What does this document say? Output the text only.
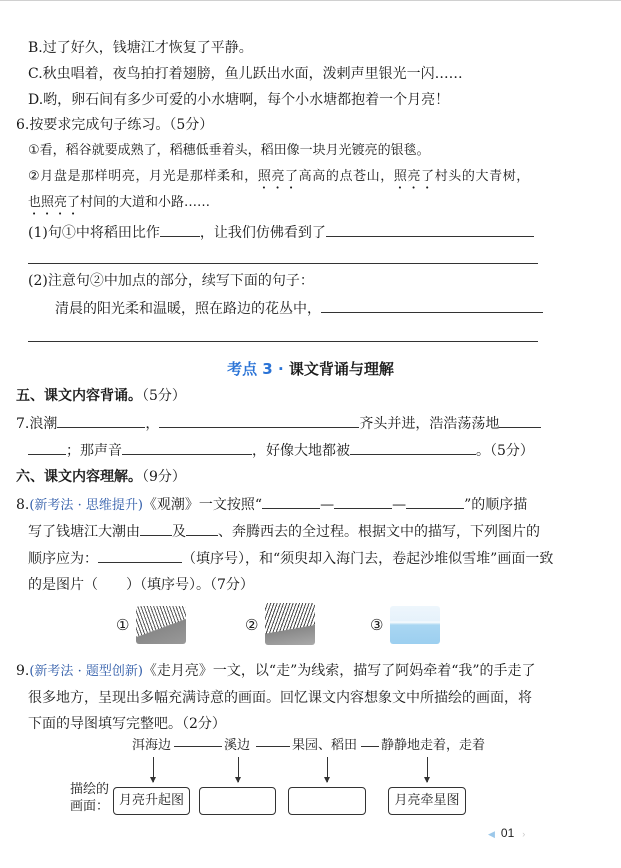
B.过了好久，钱塘江才恢复了平静。
C.秋虫唱着，夜鸟拍打着翅膀，鱼儿跃出水面，泼剌声里银光一闪……
D.哟，卵石间有多少可爱的小水塘啊，每个小水塘都抱着一个月亮！
6.按要求完成句子练习。（5分）
①看，稻谷就要成熟了，稻穗低垂着头，稻田像一块月光镀亮的银毯。
②月盘是那样明亮，月光是那样柔和，照亮了高高的点苍山，照亮了村头的大青树，
也照亮了村间的大道和小路……
(1)句①中将稻田比作	，让我们仿佛看到了
(2)注意句②中加点的部分，续写下面的句子：
清晨的阳光柔和温暖，照在路边的花丛中，
考点 3 · 课文背诵与理解
五、课文内容背诵。（5分）
7.浪潮	，	齐头并进，浩浩荡荡地
；那声音	，好像大地都被	。（5分）
六、课文内容理解。（9分）
8.(新考法 · 思维提升)《观潮》一文按照“	—	—	”的顺序描
写了钱塘江大潮由 及 、奔腾西去的全过程。根据文中的描写，下列图片的
顺序应为：	（填序号），和“须臾却入海门去，卷起沙堆似雪堆”画面一致
的是图片（　　）（填序号）。（7分）
①	②	③
9.(新考法 · 题型创新)《走月亮》一文，以“走”为线索，描写了阿妈牵着“我”的手走了
很多地方，呈现出多幅充满诗意的画面。回忆课文内容想象文中所描绘的画面，将
下面的导图填写完整吧。（2分）
洱海边	溪边	果园、稻田 静静地走着，走着
描绘的
画面： 月亮升起图	月亮牵星图
◀ 01 ›
